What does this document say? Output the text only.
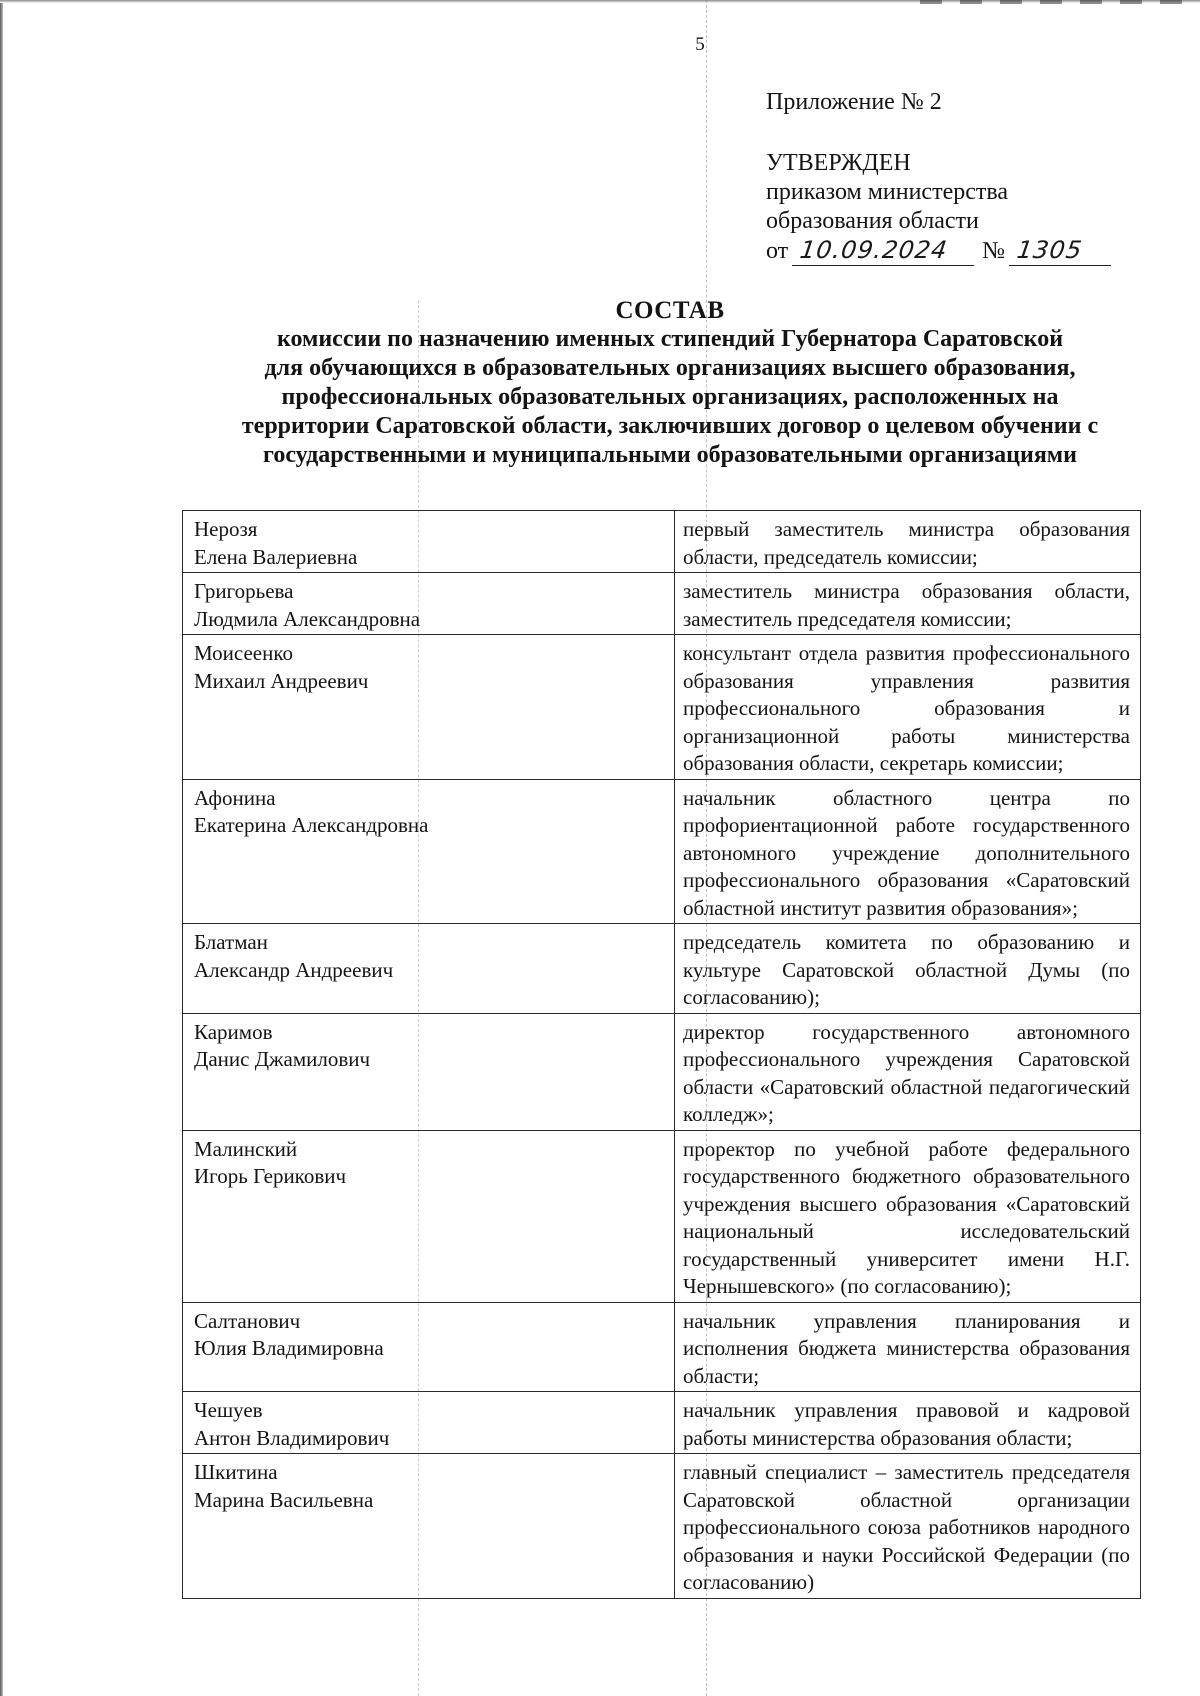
5
Приложение № 2
УТВЕРЖДЕН
приказом министерства
образования области
от 10.09.2024 № 1305
СОСТАВ
комиссии по назначению именных стипендий Губернатора Саратовской
для обучающихся в образовательных организациях высшего образования,
профессиональных образовательных организациях, расположенных на
территории Саратовской области, заключивших договор о целевом обучении с
государственными и муниципальными образовательными организациями
Нерозя
Елена Валериевна	первый заместитель министра образования области, председатель комиссии;

Григорьева
Людмила Александровна	заместитель министра образования области, заместитель председателя комиссии;

Моисеенко
Михаил Андреевич	консультант отдела развития профессионального образования управления развития профессионального образования и организационной работы министерства образования области, секретарь комиссии;

Афонина
Екатерина Александровна	начальник областного центра по профориентационной работе государственного автономного учреждение дополнительного профессионального образования «Саратовский областной институт развития образования»;

Блатман
Александр Андреевич	председатель комитета по образованию и культуре Саратовской областной Думы (по согласованию);

Каримов
Данис Джамилович	директор государственного автономного профессионального учреждения Саратовской области «Саратовский областной педагогический колледж»;

Малинский
Игорь Герикович	проректор по учебной работе федерального государственного бюджетного образовательного учреждения высшего образования «Саратовский национальный исследовательский государственный университет имени Н.Г. Чернышевского» (по согласованию);

Салтанович
Юлия Владимировна	начальник управления планирования и исполнения бюджета министерства образования области;

Чешуев
Антон Владимирович	начальник управления правовой и кадровой работы министерства образования области;

Шкитина
Марина Васильевна	главный специалист – заместитель председателя Саратовской областной организации профессионального союза работников народного образования и науки Российской Федерации (по согласованию)
